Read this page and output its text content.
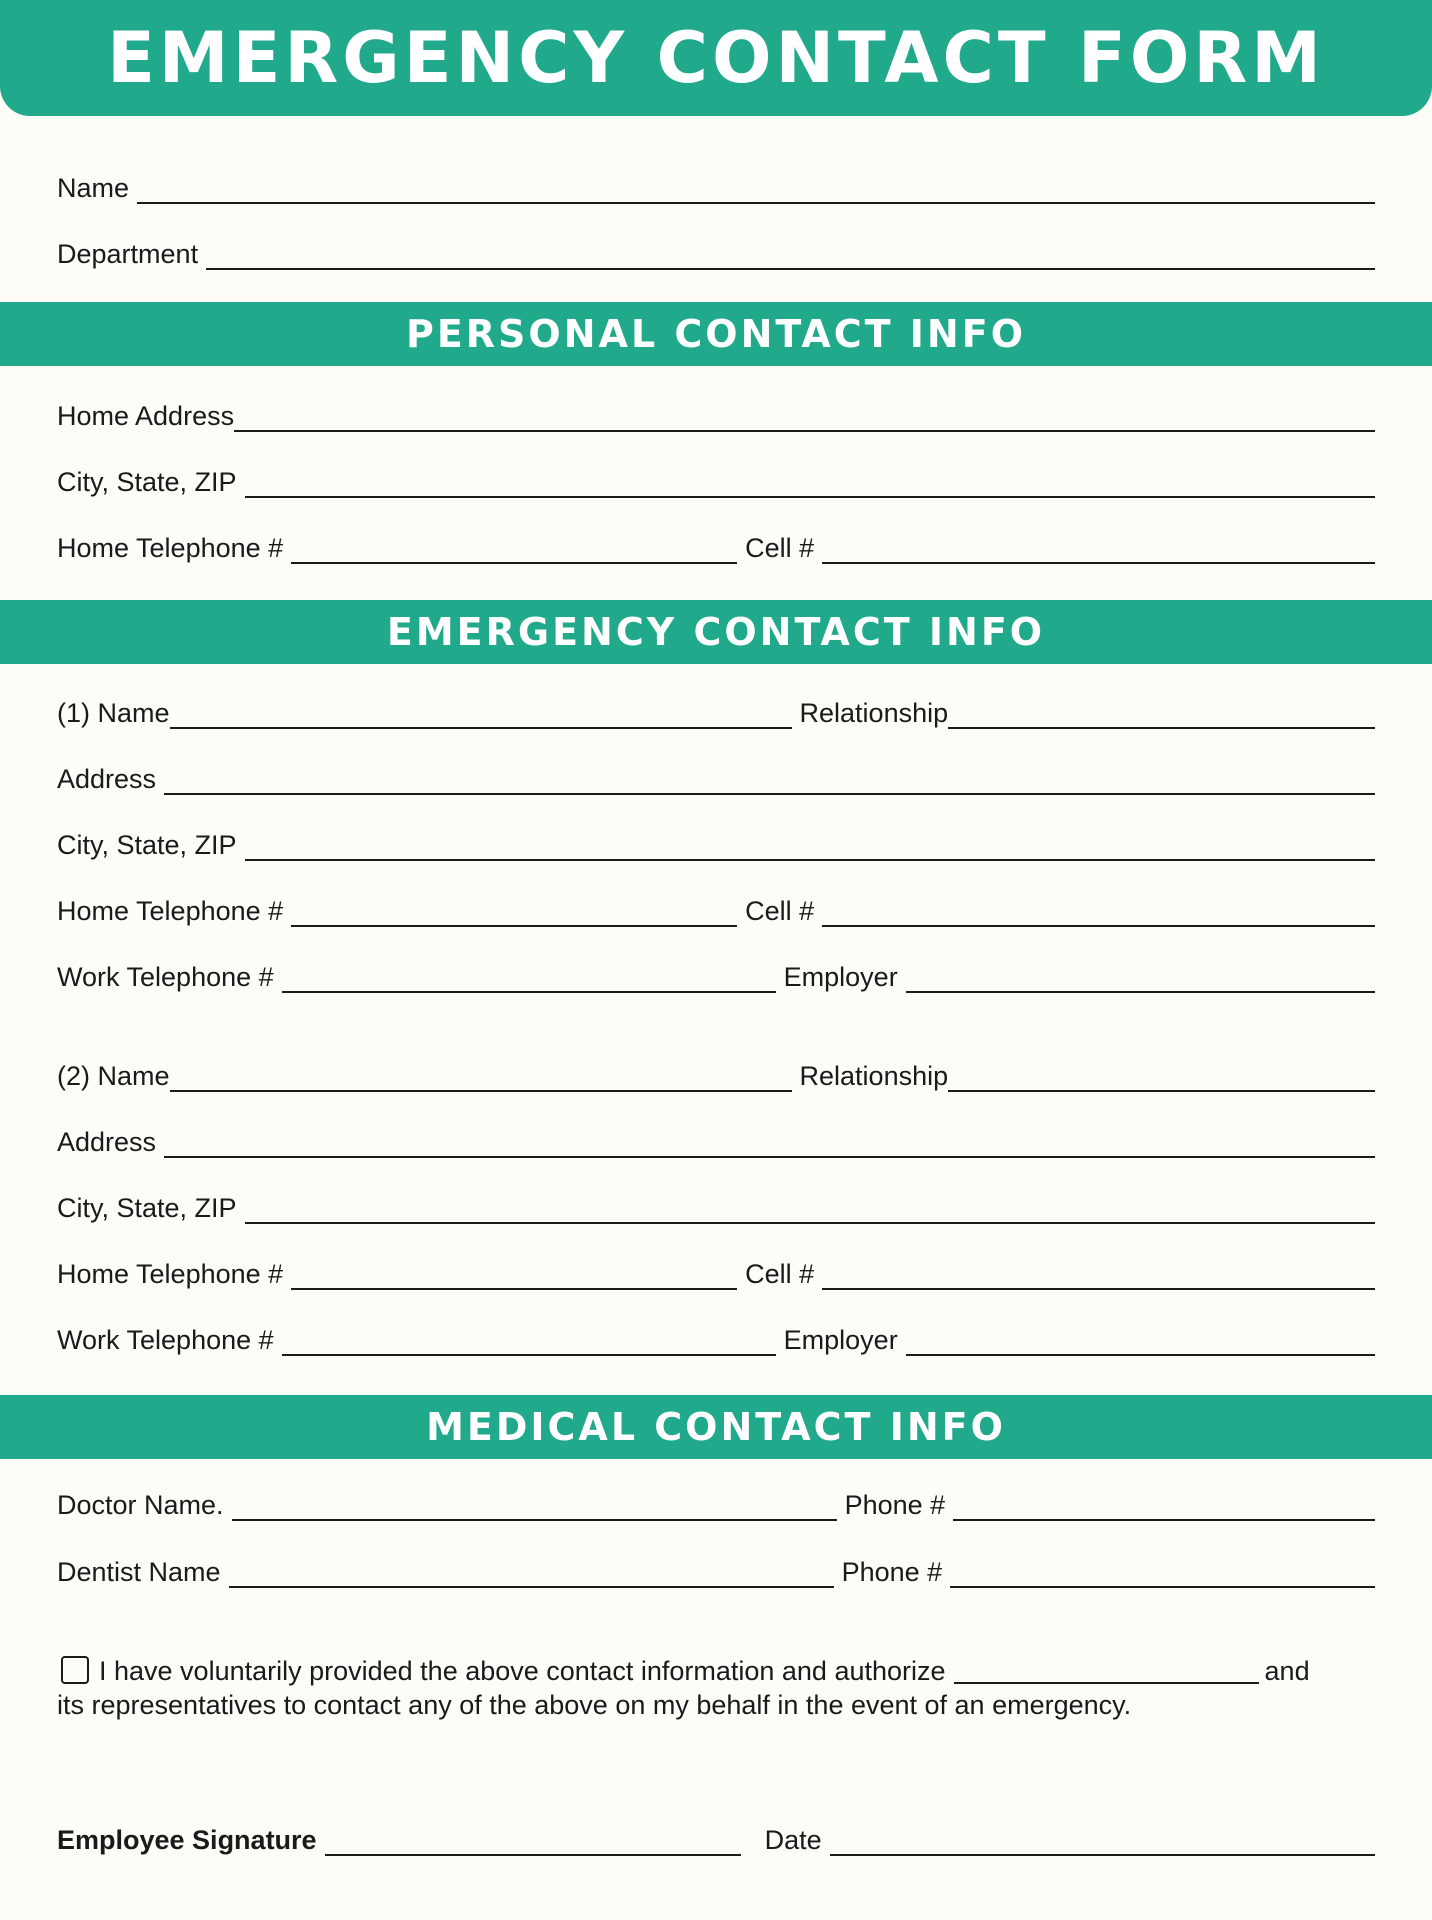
EMERGENCY CONTACT FORM
Name
Department
PERSONAL CONTACT INFO
Home Address
City, State, ZIP
Home Telephone #	Cell #
EMERGENCY CONTACT INFO
(1) Name	Relationship
Address
City, State, ZIP
Home Telephone #	Cell #
Work Telephone #	Employer
(2) Name	Relationship
Address
City, State, ZIP
Home Telephone #	Cell #
Work Telephone #	Employer
MEDICAL CONTACT INFO
Doctor Name.	Phone #
Dentist Name	Phone #
I have voluntarily provided the above contact information and authorize	and
its representatives to contact any of the above on my behalf in the event of an emergency.
Employee Signature	Date
